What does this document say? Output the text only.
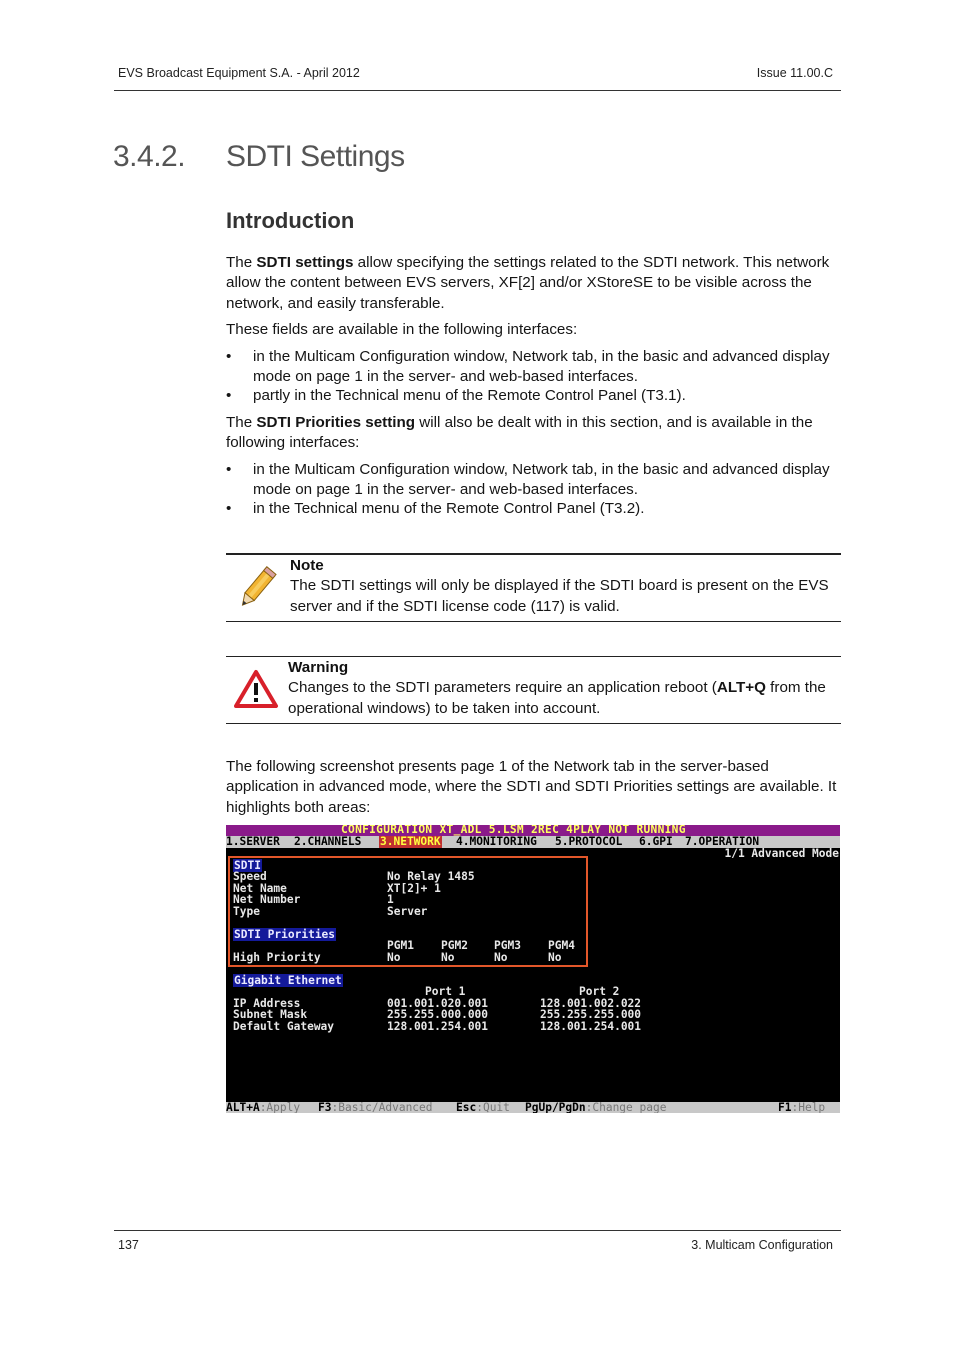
EVS Broadcast Equipment S.A. - April 2012	Issue 11.00.C
3.4.2. SDTI Settings
Introduction
The SDTI settings allow specifying the settings related to the SDTI network. This network allow the content between EVS servers, XF[2] and/or XStoreSE to be visible across the network, and easily transferable.
These fields are available in the following interfaces:
• in the Multicam Configuration window, Network tab, in the basic and advanced display mode on page 1 in the server- and web-based interfaces.
• partly in the Technical menu of the Remote Control Panel (T3.1).
The SDTI Priorities setting will also be dealt with in this section, and is available in the following interfaces:
• in the Multicam Configuration window, Network tab, in the basic and advanced display mode on page 1 in the server- and web-based interfaces.
• in the Technical menu of the Remote Control Panel (T3.2).
Note
The SDTI settings will only be displayed if the SDTI board is present on the EVS server and if the SDTI license code (117) is valid.
Warning
Changes to the SDTI parameters require an application reboot (ALT+Q from the operational windows) to be taken into account.
The following screenshot presents page 1 of the Network tab in the server-based application in advanced mode, where the SDTI and SDTI Priorities settings are available. It highlights both areas:
CONFIGURATION XT_ADL 5.LSM 2REC 4PLAY NOT RUNNING

1.SERVER

2.CHANNELS

3.NETWORK

4.MONITORING

5.PROTOCOL

6.GPI

7.OPERATION

1/1 Advanced Mode
SDTI
Speed	No Relay 1485
Net Name	XT[2]+ 1
Net Number	1
Type	Server
SDTI Priorities
PGM1 PGM2 PGM3 PGM4
High Priority	No	No	No	No
Gigabit Ethernet
Port 1	Port 2
IP Address	001.001.020.001	128.001.002.022
Subnet Mask	255.255.000.000	255.255.255.000
Default Gateway	128.001.254.001	128.001.254.001

ALT+A:Apply

F3:Basic/Advanced

Esc:Quit

PgUp/PgDn:Change page

	F1:Help

137	3. Multicam Configuration
